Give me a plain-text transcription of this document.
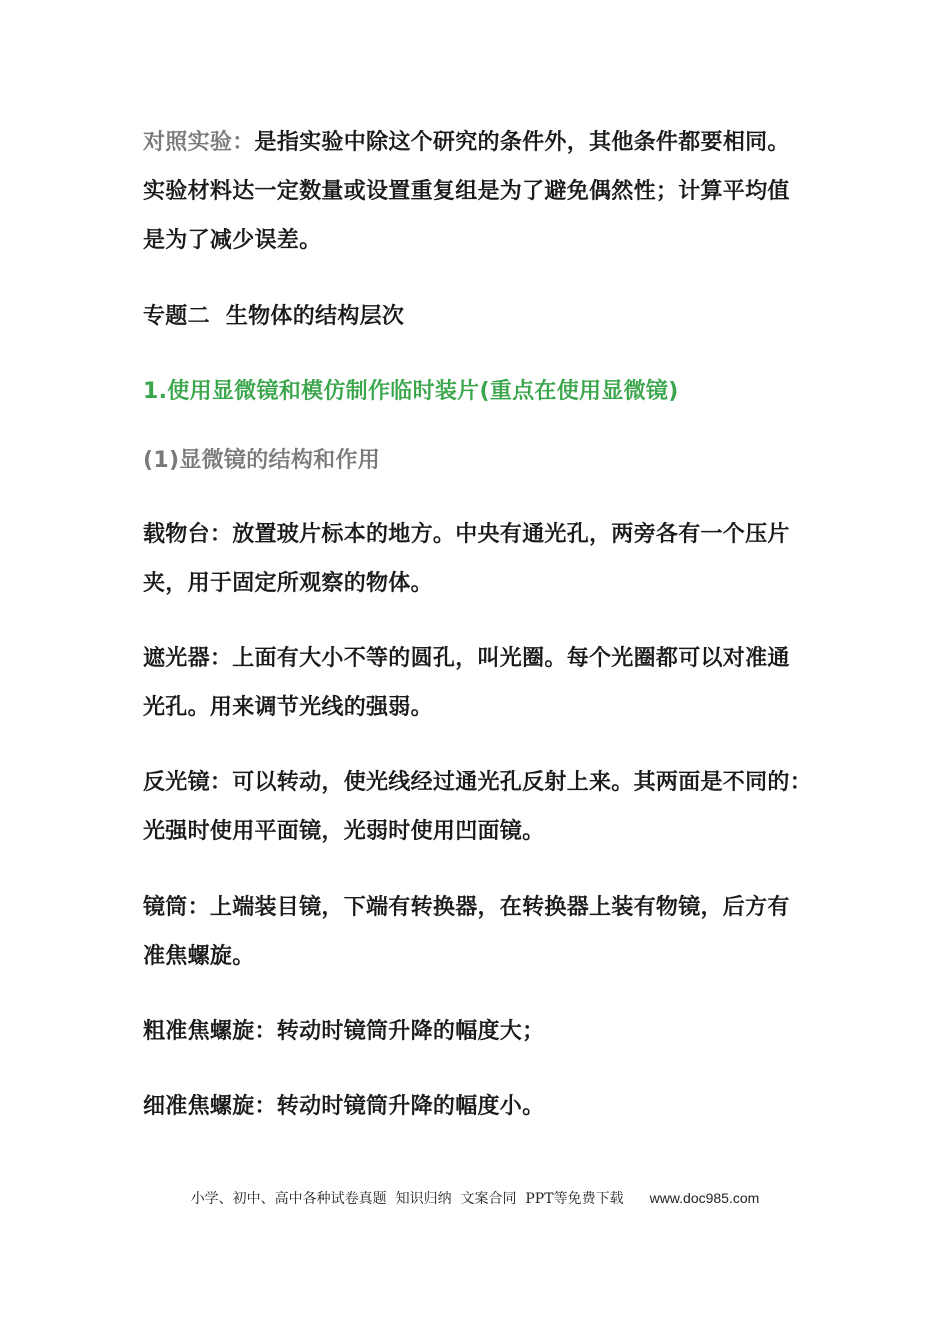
对照实验：是指实验中除这个研究的条件外，其他条件都要相同。
实验材料达一定数量或设置重复组是为了避免偶然性；计算平均值
是为了减少误差。

专题二  生物体的结构层次

1.使用显微镜和模仿制作临时装片(重点在使用显微镜)

(1)显微镜的结构和作用

载物台：放置玻片标本的地方。中央有通光孔，两旁各有一个压片
夹，用于固定所观察的物体。

遮光器：上面有大小不等的圆孔，叫光圈。每个光圈都可以对准通
光孔。用来调节光线的强弱。

反光镜：可以转动，使光线经过通光孔反射上来。其两面是不同的：
光强时使用平面镜，光弱时使用凹面镜。

镜筒：上端装目镜，下端有转换器，在转换器上装有物镜，后方有
准焦螺旋。

粗准焦螺旋：转动时镜筒升降的幅度大；

细准焦螺旋：转动时镜筒升降的幅度小。

小学、初中、高中各种试卷真题  知识归纳  文案合同  PPT等免费下载 www.doc985.com
